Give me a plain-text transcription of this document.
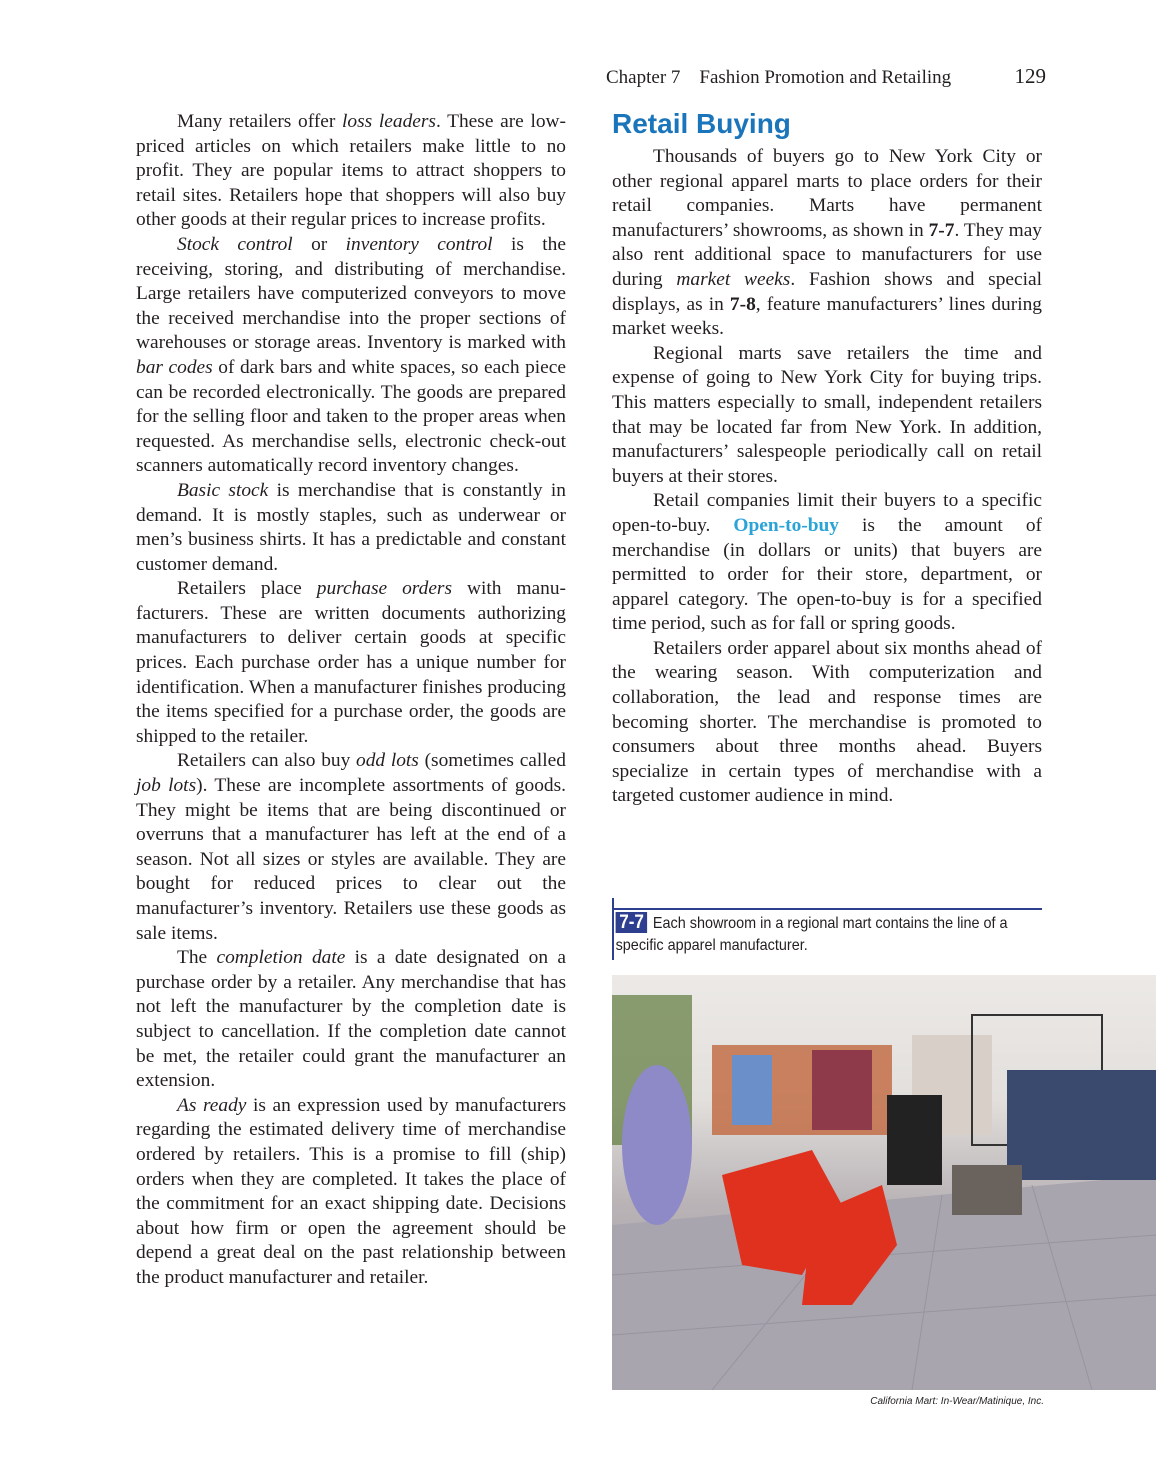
Chapter 7 Fashion Promotion and Retailing	129

Many retailers offer loss leaders. These are low-priced articles on which retailers make little to no profit. They are popular items to attract shoppers to retail sites. Retailers hope that shoppers will also buy other goods at their regular prices to increase profits.

Stock control or inventory control is the receiving, storing, and distributing of merchandise. Large retailers have computerized conveyors to move the received merchandise into the proper sections of warehouses or storage areas. Inventory is marked with bar codes of dark bars and white spaces, so each piece can be recorded electronically. The goods are prepared for the selling floor and taken to the proper areas when requested. As merchandise sells, electronic check-out scanners automatically record inventory changes.

Basic stock is merchandise that is constantly in demand. It is mostly staples, such as underwear or men’s business shirts. It has a predictable and constant customer demand.

Retailers place purchase orders with manufacturers. These are written documents authorizing manufacturers to deliver certain goods at specific prices. Each purchase order has a unique number for identification. When a manufacturer finishes producing the items specified for a purchase order, the goods are shipped to the retailer.

Retailers can also buy odd lots (sometimes called job lots). These are incomplete assortments of goods. They might be items that are being discontinued or overruns that a manufacturer has left at the end of a season. Not all sizes or styles are available. They are bought for reduced prices to clear out the manufacturer’s inventory. Retailers use these goods as sale items.

The completion date is a date designated on a purchase order by a retailer. Any merchandise that has not left the manufacturer by the completion date is subject to cancellation. If the completion date cannot be met, the retailer could grant the manufacturer an extension.

As ready is an expression used by manufacturers regarding the estimated delivery time of merchandise ordered by retailers. This is a promise to fill (ship) orders when they are completed. It takes the place of the commitment for an exact shipping date. Decisions about how firm or open the agreement should be depend a great deal on the past relationship between the product manufacturer and retailer.

Retail Buying

Thousands of buyers go to New York City or other regional apparel marts to place orders for their retail companies. Marts have permanent manufacturers’ showrooms, as shown in 7-7. They may also rent additional space to manufacturers for use during market weeks. Fashion shows and special displays, as in 7-8, feature manufacturers’ lines during market weeks.

Regional marts save retailers the time and expense of going to New York City for buying trips. This matters especially to small, independent retailers that may be located far from New York. In addition, manufacturers’ salespeople periodically call on retail buyers at their stores.

Retail companies limit their buyers to a specific open-to-buy. Open-to-buy is the amount of merchandise (in dollars or units) that buyers are permitted to order for their store, department, or apparel category. The open-to-buy is for a specified time period, such as for fall or spring goods.

Retailers order apparel about six months ahead of the wearing season. With computerization and collaboration, the lead and response times are becoming shorter. The merchandise is promoted to consumers about three months ahead. Buyers specialize in certain types of merchandise with a targeted customer audience in mind.

7-7 Each showroom in a regional mart contains the line of a specific apparel manufacturer.
California Mart: In-Wear/Matinique, Inc.
